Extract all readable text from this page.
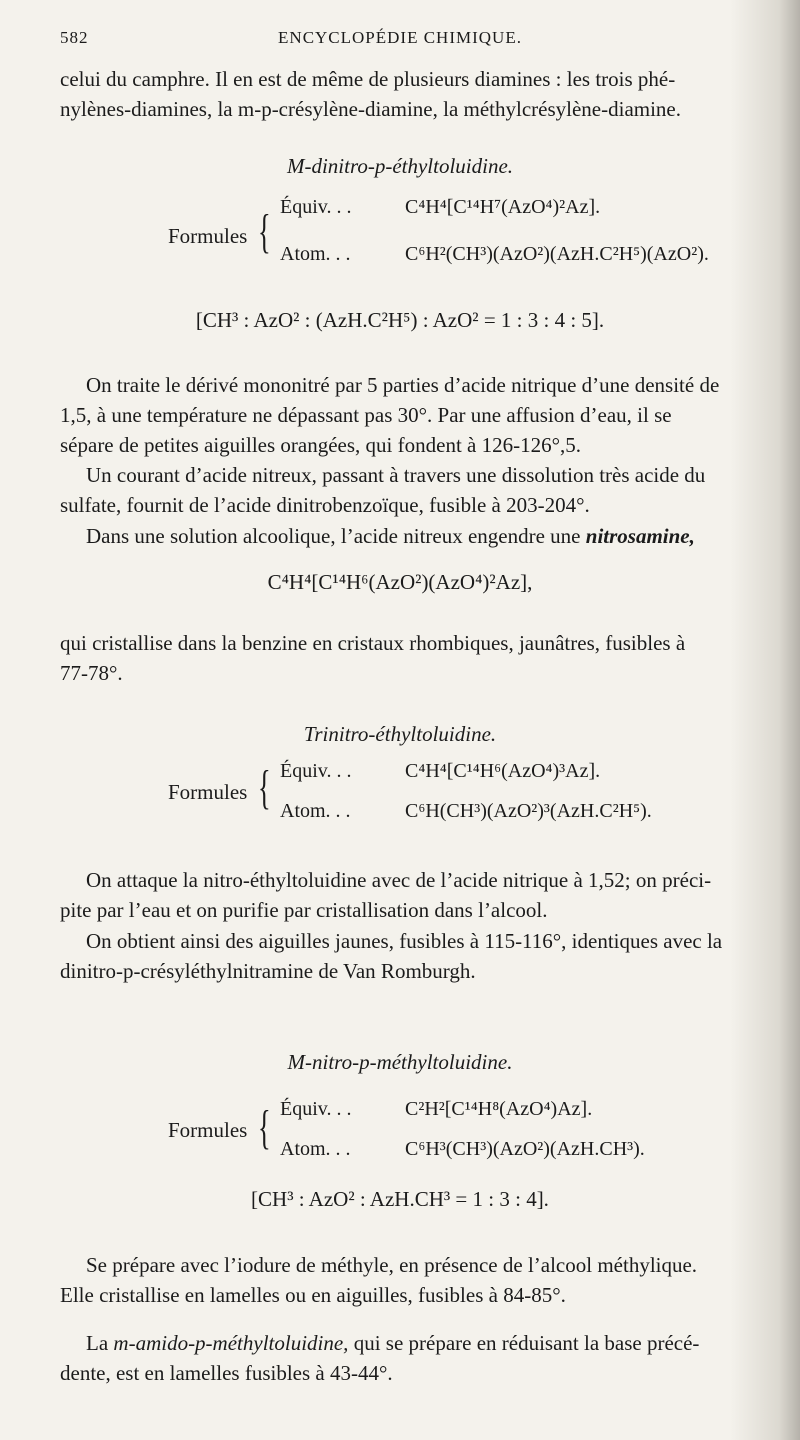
582	ENCYCLOPÉDIE CHIMIQUE.
celui du camphre. Il en est de même de plusieurs diamines : les trois phé-
nylènes-diamines, la m-p-crésylène-diamine, la méthylcrésylène-diamine.
M-dinitro-p-éthyltoluidine.
Formules { Équiv. . .	C⁴H⁴[C¹⁴H⁷(AzO⁴)²Az].
Atom. . .	C⁶H²(CH³)(AzO²)(AzH.C²H⁵)(AzO²).
[CH³ : AzO² : (AzH.C²H⁵) : AzO² = 1 : 3 : 4 : 5].
On traite le dérivé mononitré par 5 parties d’acide nitrique d’une densité de
1,5, à une température ne dépassant pas 30°. Par une affusion d’eau, il se
sépare de petites aiguilles orangées, qui fondent à 126-126°,5.
Un courant d’acide nitreux, passant à travers une dissolution très acide du
sulfate, fournit de l’acide dinitrobenzoïque, fusible à 203-204°.
Dans une solution alcoolique, l’acide nitreux engendre une nitrosamine,
C⁴H⁴[C¹⁴H⁶(AzO²)(AzO⁴)²Az],
qui cristallise dans la benzine en cristaux rhombiques, jaunâtres, fusibles à
77-78°.
Trinitro-éthyltoluidine.
Formules { Équiv. . .	C⁴H⁴[C¹⁴H⁶(AzO⁴)³Az].
Atom. . .	C⁶H(CH³)(AzO²)³(AzH.C²H⁵).
On attaque la nitro-éthyltoluidine avec de l’acide nitrique à 1,52; on préci-
pite par l’eau et on purifie par cristallisation dans l’alcool.
On obtient ainsi des aiguilles jaunes, fusibles à 115-116°, identiques avec la
dinitro-p-crésyléthylnitramine de Van Romburgh.
M-nitro-p-méthyltoluidine.
Formules { Équiv. . .	C²H²[C¹⁴H⁸(AzO⁴)Az].
Atom. . .	C⁶H³(CH³)(AzO²)(AzH.CH³).
[CH³ : AzO² : AzH.CH³ = 1 : 3 : 4].
Se prépare avec l’iodure de méthyle, en présence de l’alcool méthylique.
Elle cristallise en lamelles ou en aiguilles, fusibles à 84-85°.
La m-amido-p-méthyltoluidine, qui se prépare en réduisant la base précé-
dente, est en lamelles fusibles à 43-44°.
